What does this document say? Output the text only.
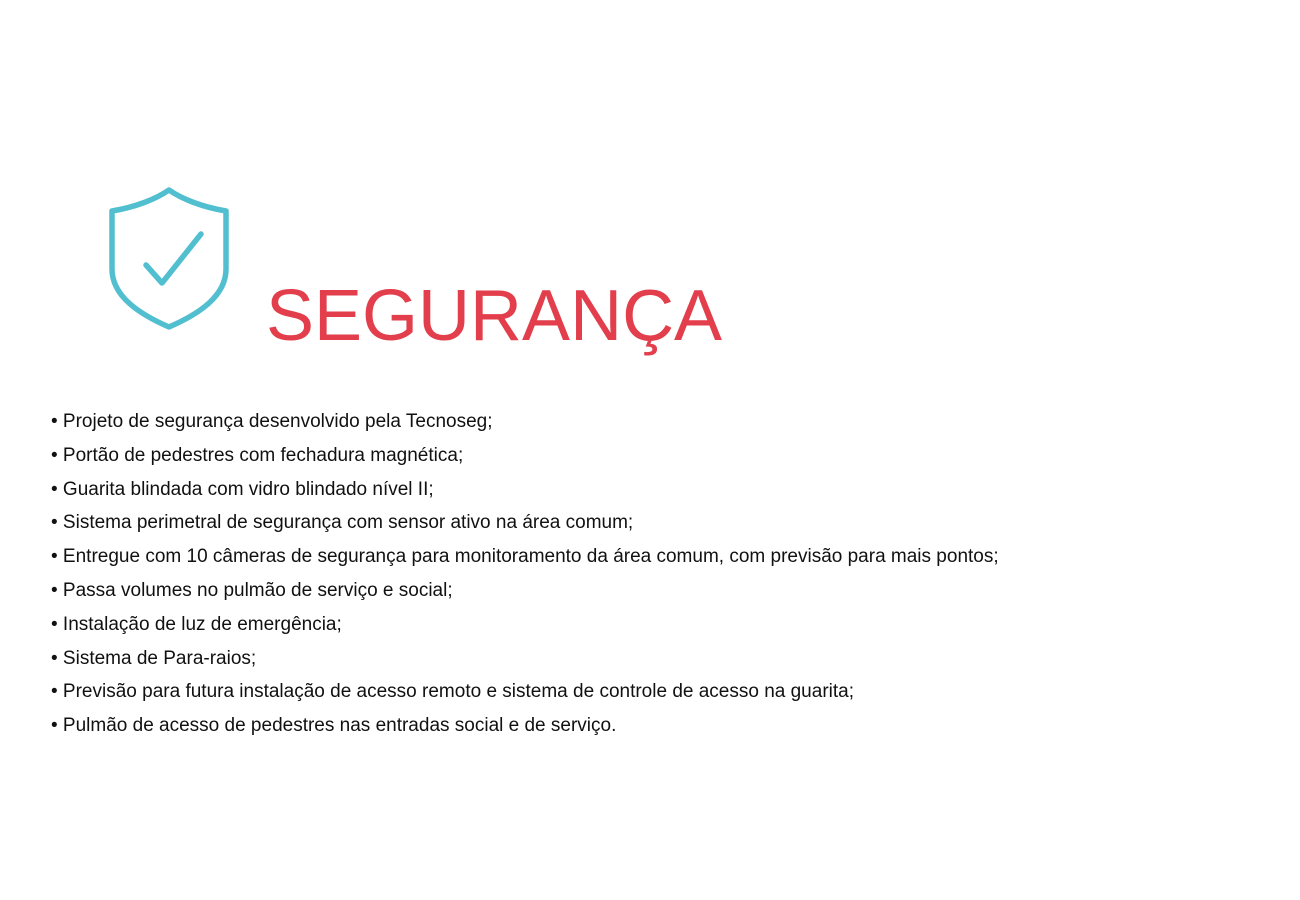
SEGURANÇA
• Projeto de segurança desenvolvido pela Tecnoseg;
• Portão de pedestres com fechadura magnética;
• Guarita blindada com vidro blindado nível II;
• Sistema perimetral de segurança com sensor ativo na área comum;
• Entregue com 10 câmeras de segurança para monitoramento da área comum, com previsão para mais pontos;
• Passa volumes no pulmão de serviço e social;
• Instalação de luz de emergência;
• Sistema de Para-raios;
• Previsão para futura instalação de acesso remoto e sistema de controle de acesso na guarita;
• Pulmão de acesso de pedestres nas entradas social e de serviço.
